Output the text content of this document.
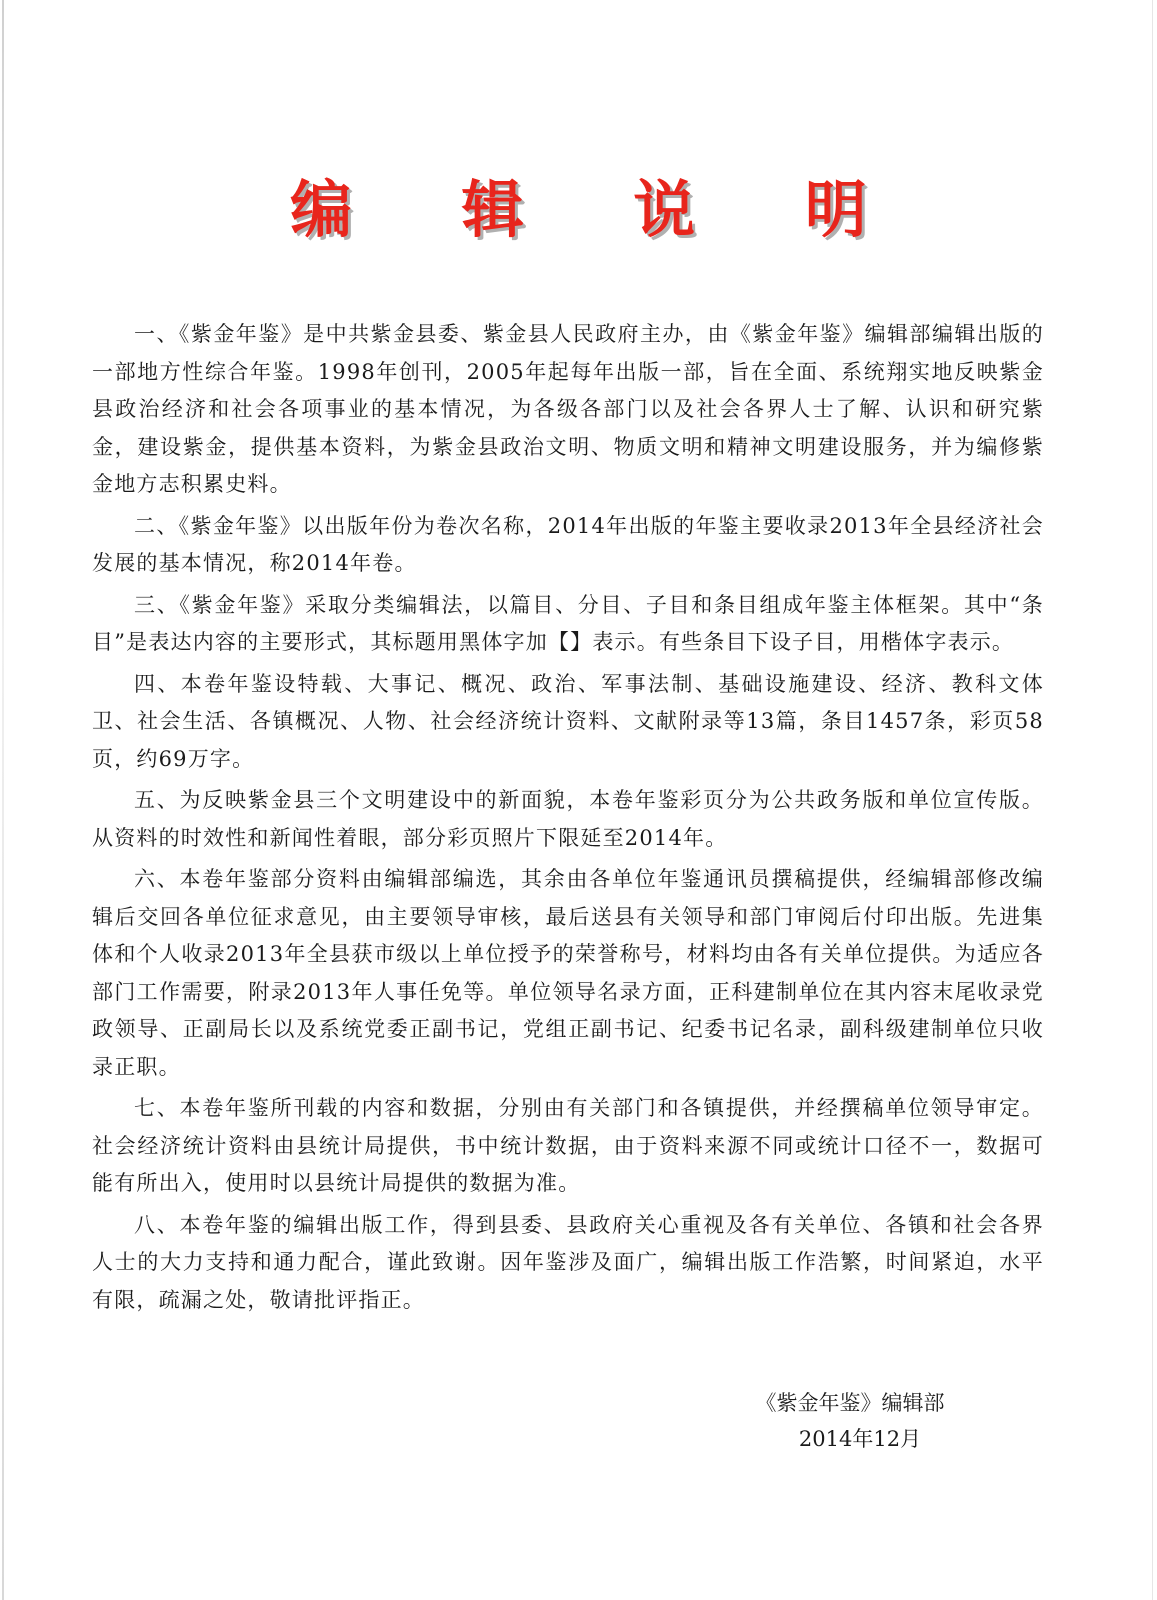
编 辑 说 明

一、《紫金年鉴》是中共紫金县委、紫金县人民政府主办，由《紫金年鉴》编辑部编辑出版的一部地方性综合年鉴。1998年创刊，2005年起每年出版一部，旨在全面、系统翔实地反映紫金县政治经济和社会各项事业的基本情况，为各级各部门以及社会各界人士了解、认识和研究紫金，建设紫金，提供基本资料，为紫金县政治文明、物质文明和精神文明建设服务，并为编修紫金地方志积累史料。

二、《紫金年鉴》以出版年份为卷次名称，2014年出版的年鉴主要收录2013年全县经济社会发展的基本情况，称2014年卷。

三、《紫金年鉴》采取分类编辑法，以篇目、分目、子目和条目组成年鉴主体框架。其中“条目”是表达内容的主要形式，其标题用黑体字加【】表示。有些条目下设子目，用楷体字表示。

四、本卷年鉴设特载、大事记、概况、政治、军事法制、基础设施建设、经济、教科文体卫、社会生活、各镇概况、人物、社会经济统计资料、文献附录等13篇，条目1457条，彩页58页，约69万字。

五、为反映紫金县三个文明建设中的新面貌，本卷年鉴彩页分为公共政务版和单位宣传版。从资料的时效性和新闻性着眼，部分彩页照片下限延至2014年。

六、本卷年鉴部分资料由编辑部编选，其余由各单位年鉴通讯员撰稿提供，经编辑部修改编辑后交回各单位征求意见，由主要领导审核，最后送县有关领导和部门审阅后付印出版。先进集体和个人收录2013年全县获市级以上单位授予的荣誉称号，材料均由各有关单位提供。为适应各部门工作需要，附录2013年人事任免等。单位领导名录方面，正科建制单位在其内容末尾收录党政领导、正副局长以及系统党委正副书记，党组正副书记、纪委书记名录，副科级建制单位只收录正职。

七、本卷年鉴所刊载的内容和数据，分别由有关部门和各镇提供，并经撰稿单位领导审定。社会经济统计资料由县统计局提供，书中统计数据，由于资料来源不同或统计口径不一，数据可能有所出入，使用时以县统计局提供的数据为准。

八、本卷年鉴的编辑出版工作，得到县委、县政府关心重视及各有关单位、各镇和社会各界人士的大力支持和通力配合，谨此致谢。因年鉴涉及面广，编辑出版工作浩繁，时间紧迫，水平有限，疏漏之处，敬请批评指正。

《紫金年鉴》编辑部
2014年12月
